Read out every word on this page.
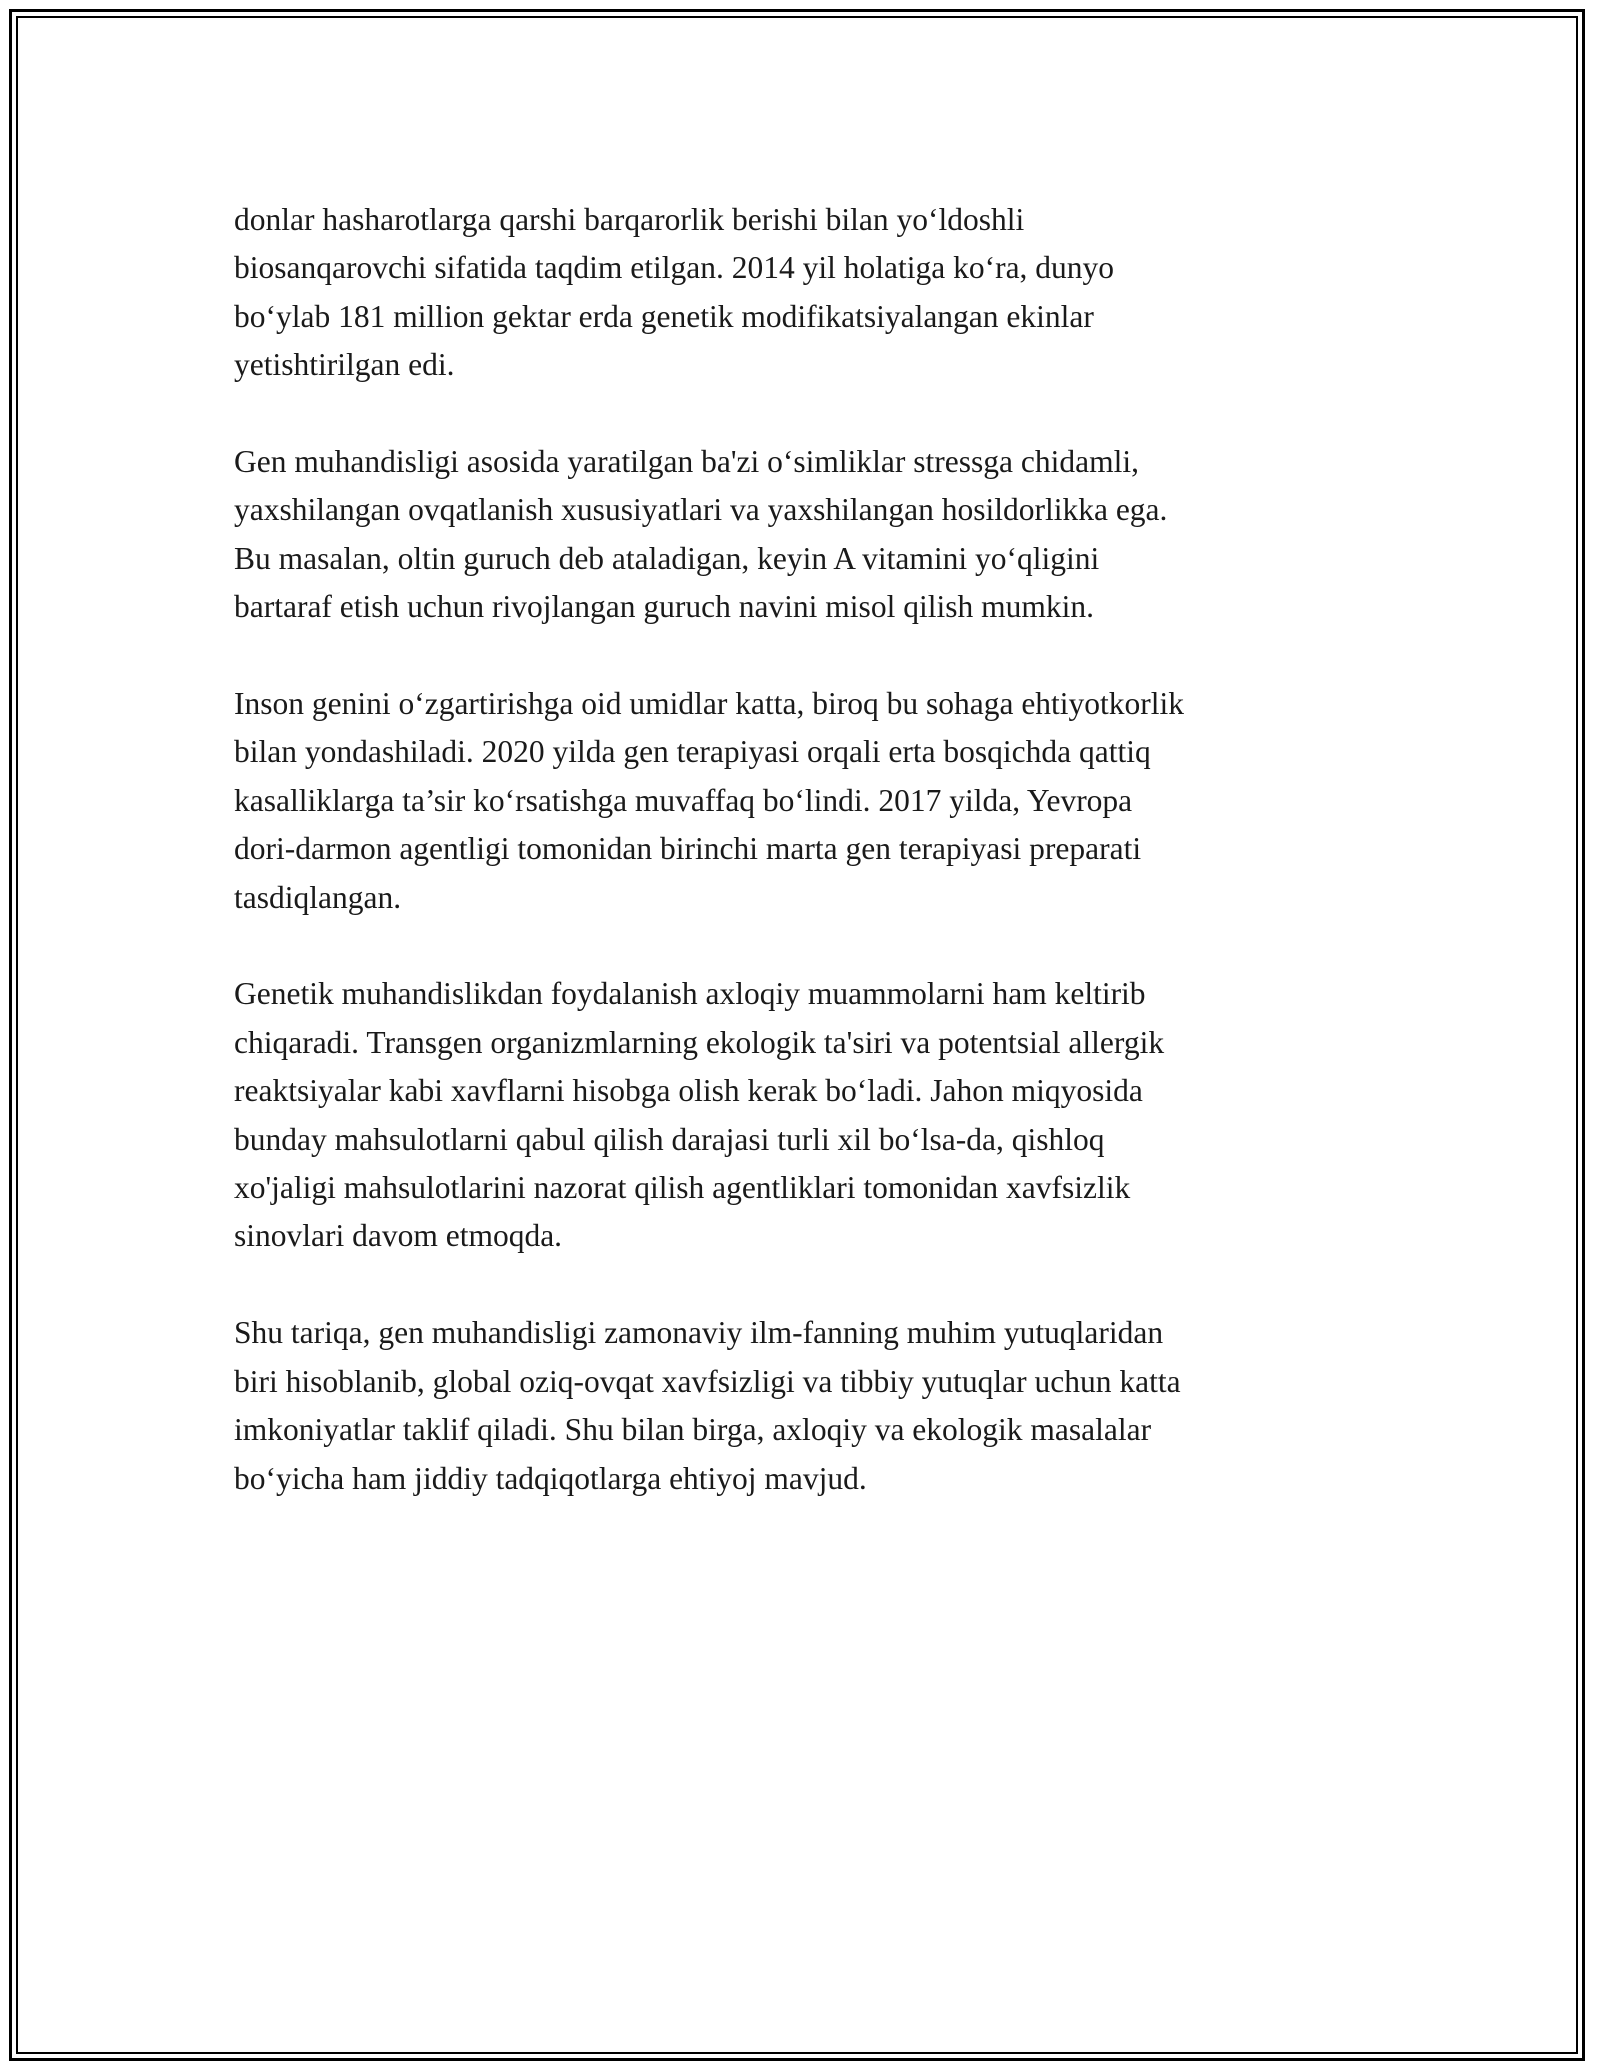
donlar hasharotlarga qarshi barqarorlik berishi bilan yoʻldoshli
biosanqarovchi sifatida taqdim etilgan. 2014 yil holatiga koʻra, dunyo
boʻylab 181 million gektar erda genetik modifikatsiyalangan ekinlar
yetishtirilgan edi.

Gen muhandisligi asosida yaratilgan ba'zi oʻsimliklar stressga chidamli,
yaxshilangan ovqatlanish xususiyatlari va yaxshilangan hosildorlikka ega.
Bu masalan, oltin guruch deb ataladigan, keyin A vitamini yoʻqligini
bartaraf etish uchun rivojlangan guruch navini misol qilish mumkin.

Inson genini oʻzgartirishga oid umidlar katta, biroq bu sohaga ehtiyotkorlik
bilan yondashiladi. 2020 yilda gen terapiyasi orqali erta bosqichda qattiq
kasalliklarga ta’sir koʻrsatishga muvaffaq boʻlindi. 2017 yilda, Yevropa
dori-darmon agentligi tomonidan birinchi marta gen terapiyasi preparati
tasdiqlangan.

Genetik muhandislikdan foydalanish axloqiy muammolarni ham keltirib
chiqaradi. Transgen organizmlarning ekologik ta'siri va potentsial allergik
reaktsiyalar kabi xavflarni hisobga olish kerak boʻladi. Jahon miqyosida
bunday mahsulotlarni qabul qilish darajasi turli xil boʻlsa-da, qishloq
xo'jaligi mahsulotlarini nazorat qilish agentliklari tomonidan xavfsizlik
sinovlari davom etmoqda.

Shu tariqa, gen muhandisligi zamonaviy ilm-fanning muhim yutuqlaridan
biri hisoblanib, global oziq-ovqat xavfsizligi va tibbiy yutuqlar uchun katta
imkoniyatlar taklif qiladi. Shu bilan birga, axloqiy va ekologik masalalar
boʻyicha ham jiddiy tadqiqotlarga ehtiyoj mavjud.
